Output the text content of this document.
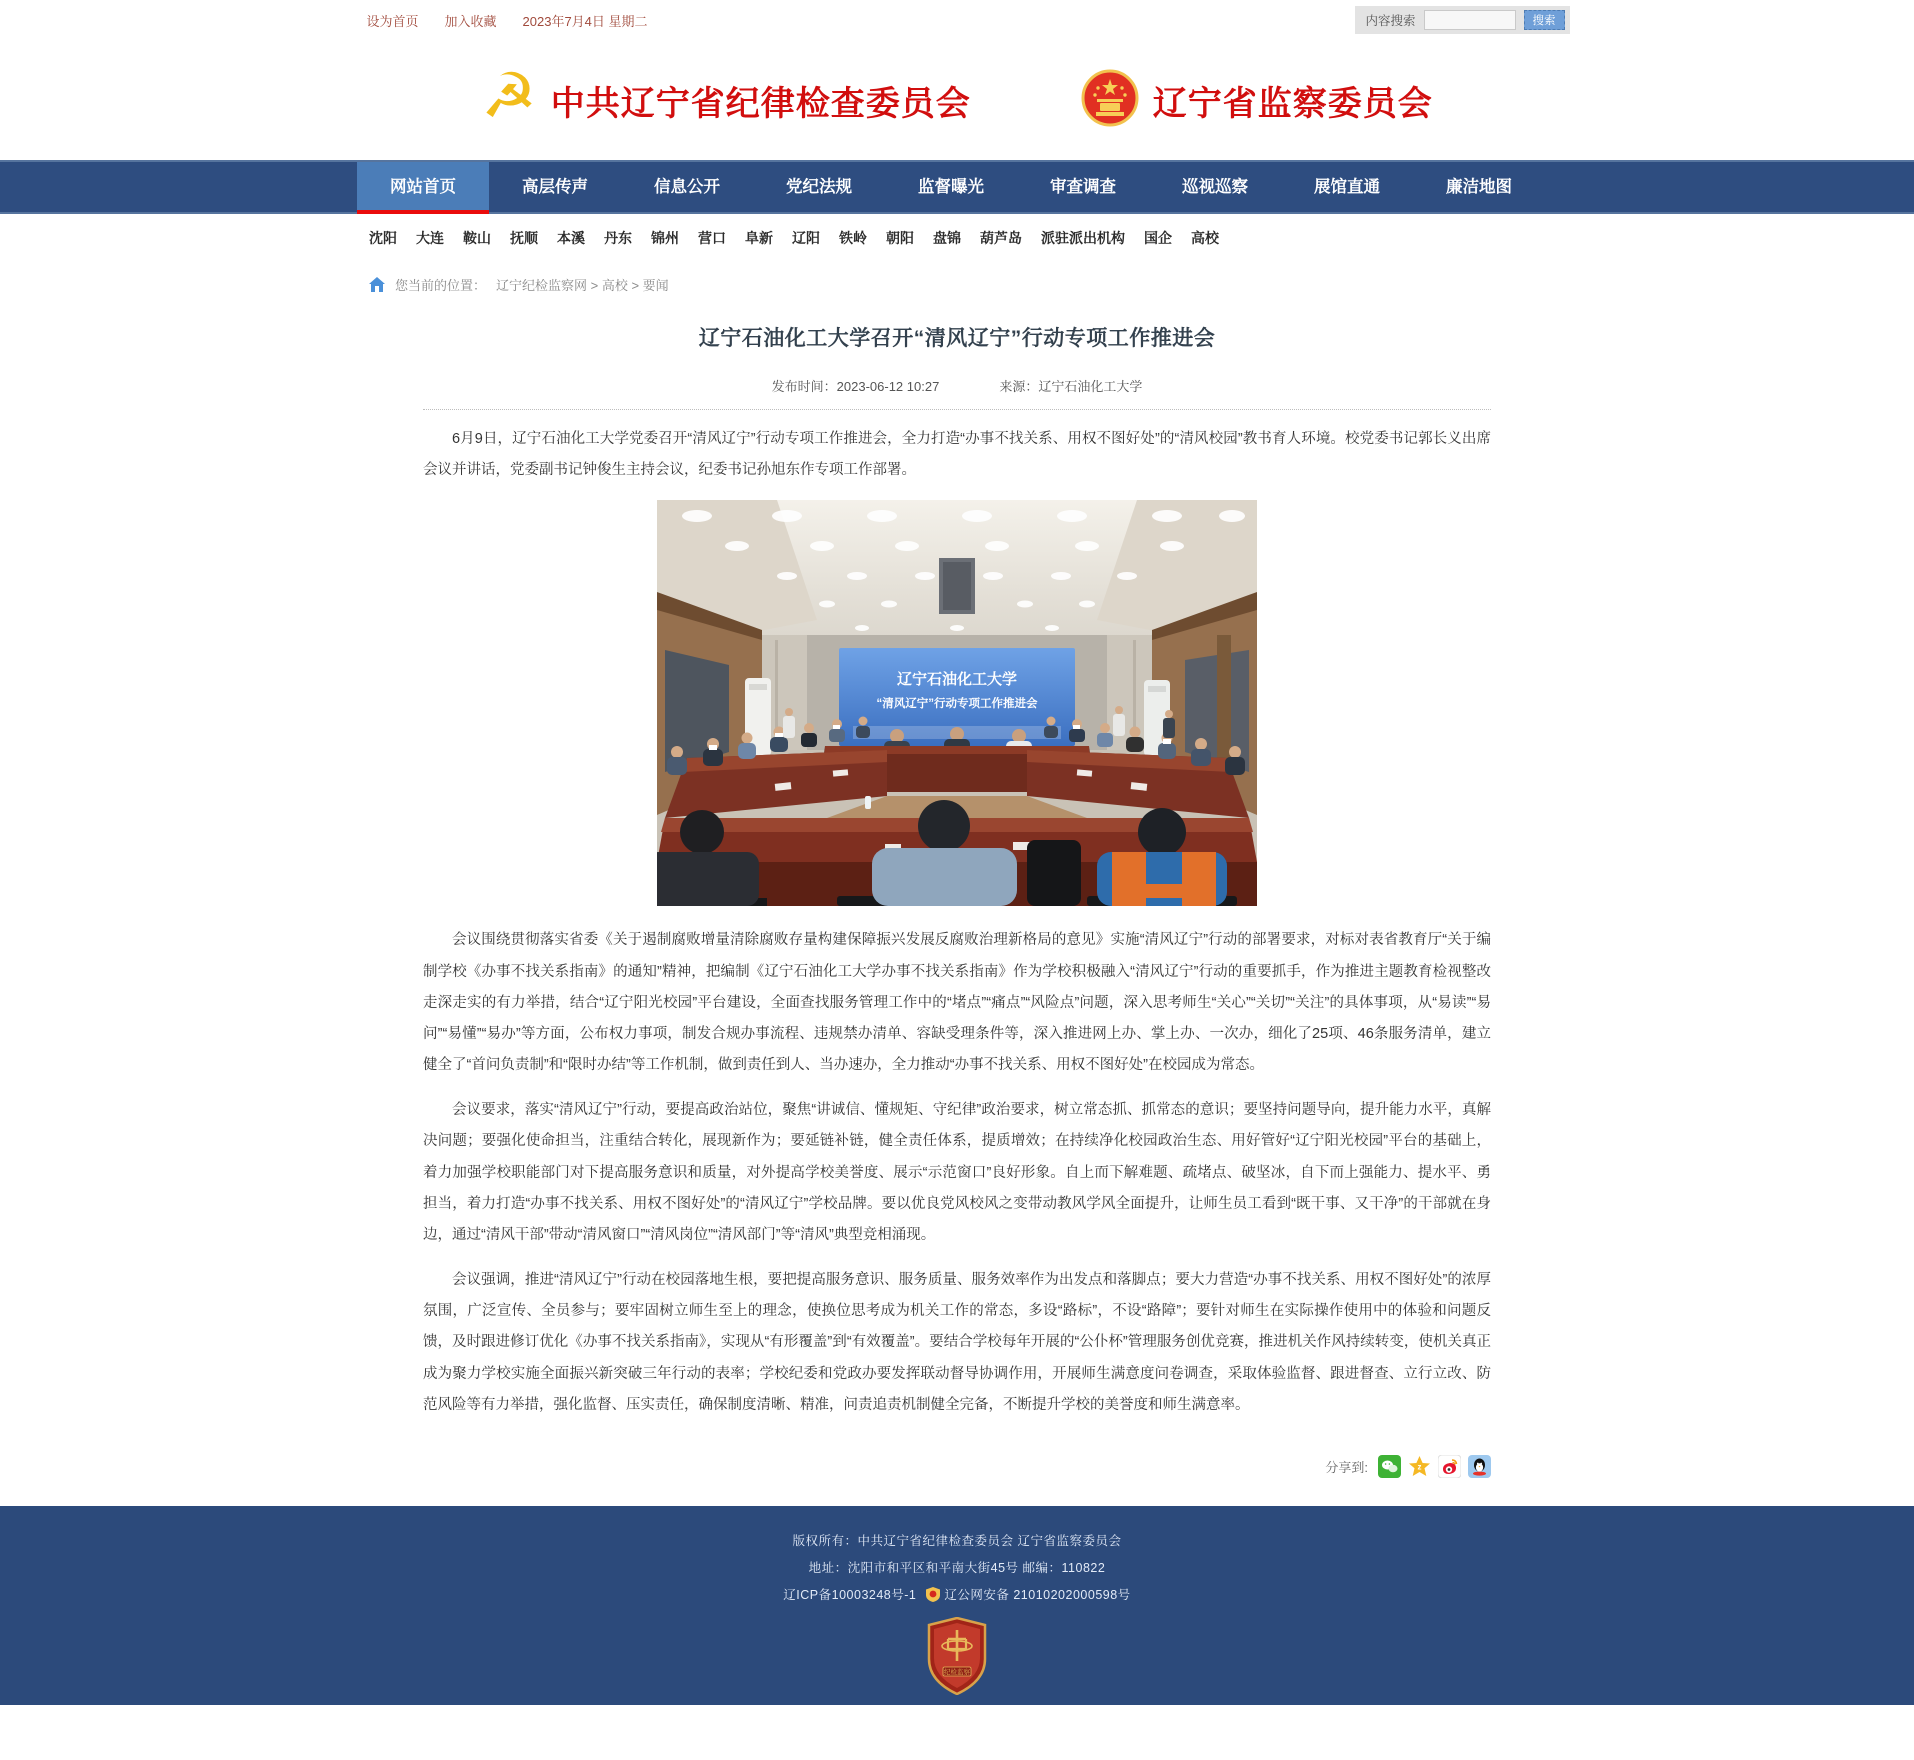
设为首页 加入收藏 2023年7月4日 星期二	内容搜索	搜索
☭ 中共辽宁省纪律检查委员会	辽宁省监察委员会
网站首页	高层传声	信息公开	党纪法规	监督曝光	审查调查	巡视巡察	展馆直通	廉洁地图
沈阳 大连 鞍山 抚顺 本溪 丹东 锦州 营口 阜新 辽阳 铁岭 朝阳 盘锦 葫芦岛 派驻派出机构 国企 高校
您当前的位置： 辽宁纪检监察网 > 高校 > 要闻
辽宁石油化工大学召开“清风辽宁”行动专项工作推进会
发布时间：2023-06-12 10:27	来源：辽宁石油化工大学

6月9日，辽宁石油化工大学党委召开“清风辽宁”行动专项工作推进会，全力打造“办事不找关系、用权不图好处”的“清风校园”教书育人环境。校党委书记郭长义出席会议并讲话，党委副书记钟俊生主持会议，纪委书记孙旭东作专项工作部署。

辽宁石油化工大学
“清风辽宁”行动专项工作推进会

会议围绕贯彻落实省委《关于遏制腐败增量清除腐败存量构建保障振兴发展反腐败治理新格局的意见》实施“清风辽宁”行动的部署要求，对标对表省教育厅“关于编制学校《办事不找关系指南》的通知”精神，把编制《辽宁石油化工大学办事不找关系指南》作为学校积极融入“清风辽宁”行动的重要抓手，作为推进主题教育检视整改走深走实的有力举措，结合“辽宁阳光校园”平台建设，全面查找服务管理工作中的“堵点”“痛点”“风险点”问题，深入思考师生“关心”“关切”“关注”的具体事项，从“易读”“易问”“易懂”“易办”等方面，公布权力事项，制发合规办事流程、违规禁办清单、容缺受理条件等，深入推进网上办、掌上办、一次办，细化了25项、46条服务清单，建立健全了“首问负责制”和“限时办结”等工作机制，做到责任到人、当办速办，全力推动“办事不找关系、用权不图好处”在校园成为常态。

会议要求，落实“清风辽宁”行动，要提高政治站位，聚焦“讲诚信、懂规矩、守纪律”政治要求，树立常态抓、抓常态的意识；要坚持问题导向，提升能力水平，真解决问题；要强化使命担当，注重结合转化，展现新作为；要延链补链，健全责任体系，提质增效；在持续净化校园政治生态、用好管好“辽宁阳光校园”平台的基础上，着力加强学校职能部门对下提高服务意识和质量，对外提高学校美誉度、展示“示范窗口”良好形象。自上而下解难题、疏堵点、破坚冰，自下而上强能力、提水平、勇担当，着力打造“办事不找关系、用权不图好处”的“清风辽宁”学校品牌。要以优良党风校风之变带动教风学风全面提升，让师生员工看到“既干事、又干净”的干部就在身边，通过“清风干部”带动“清风窗口”“清风岗位”“清风部门”等“清风”典型竞相涌现。

会议强调，推进“清风辽宁”行动在校园落地生根，要把提高服务意识、服务质量、服务效率作为出发点和落脚点；要大力营造“办事不找关系、用权不图好处”的浓厚氛围，广泛宣传、全员参与；要牢固树立师生至上的理念，使换位思考成为机关工作的常态，多设“路标”，不设“路障”；要针对师生在实际操作使用中的体验和问题反馈，及时跟进修订优化《办事不找关系指南》，实现从“有形覆盖”到“有效覆盖”。要结合学校每年开展的“公仆杯”管理服务创优竞赛，推进机关作风持续转变，使机关真正成为聚力学校实施全面振兴新突破三年行动的表率；学校纪委和党政办要发挥联动督导协调作用，开展师生满意度问卷调查，采取体验监督、跟进督查、立行立改、防范风险等有力举措，强化监督、压实责任，确保制度清晰、精准，问责追责机制健全完备，不断提升学校的美誉度和师生满意率。

分享到:	z
版权所有：中共辽宁省纪律检查委员会 辽宁省监察委员会
地址：沈阳市和平区和平南大街45号 邮编：110822
辽ICP备10003248号-1 辽公网安备 21010202000598号
纪检监察
